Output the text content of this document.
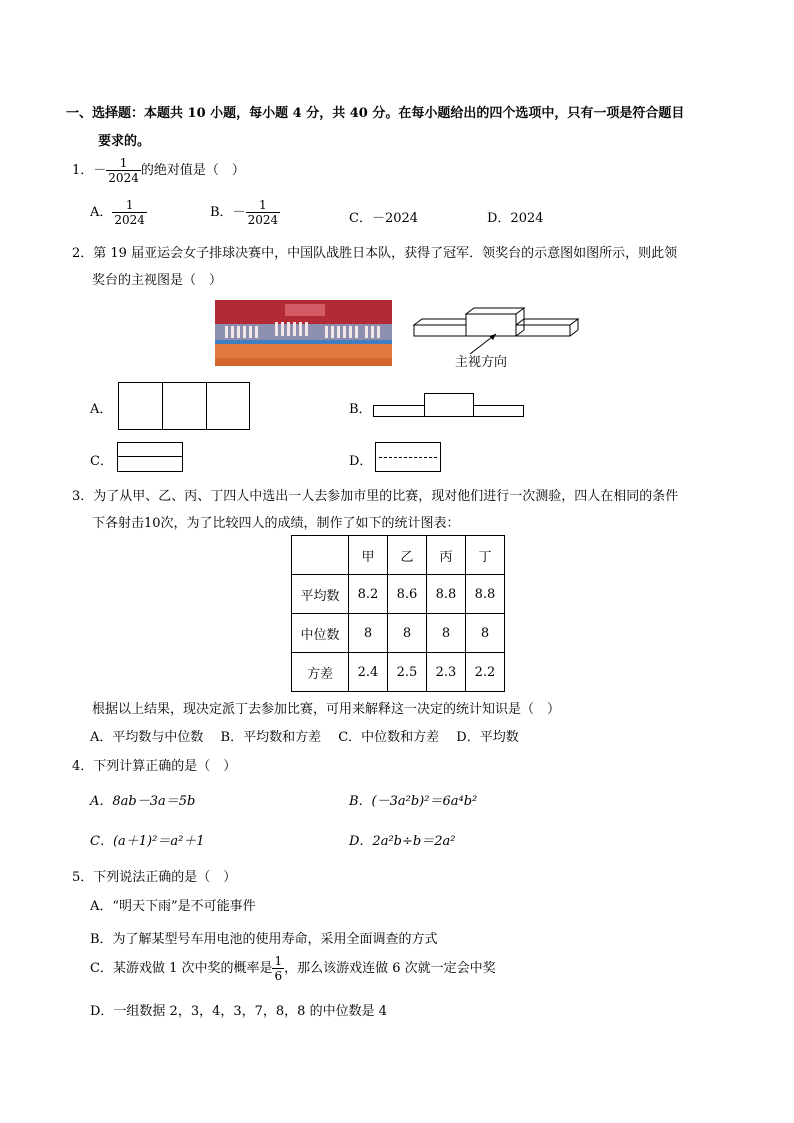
一、选择题：本题共 10 小题，每小题 4 分，共 40 分。在每小题给出的四个选项中，只有一项是符合题目
要求的。
1．－ $\frac{1}{2024}$ 的绝对值是（　）
A． $\frac{1}{2024}$	B．－ $\frac{1}{2024}$	C．－2024	D．2024
2．第 19 届亚运会女子排球决赛中，中国队战胜日本队，获得了冠军．领奖台的示意图如图所示，则此领
奖台的主视图是（　）
主视方向
A．	B．
C．	D．
3．为了从甲、乙、丙、丁四人中选出一人去参加市里的比赛，现对他们进行一次测验，四人在相同的条件
下各射击10次，为了比较四人的成绩，制作了如下的统计图表：
	甲	乙	丙	丁
平均数	8.2	8.6	8.8	8.8
中位数	8	8	8	8
方差	2.4	2.5	2.3	2.2
根据以上结果，现决定派丁去参加比赛，可用来解释这一决定的统计知识是（　）
A．平均数与中位数　 B．平均数和方差　 C．中位数和方差　 D．平均数
4．下列计算正确的是（　）
A．8ab－3a＝5b	B．(－3a²b)²＝6a⁴b²
C．(a＋1)²＝a²＋1	D．2a²b÷b＝2a²
5．下列说法正确的是（　）
A．“明天下雨”是不可能事件
B．为了解某型号车用电池的使用寿命，采用全面调查的方式
C．某游戏做 1 次中奖的概率是 $\frac{1}{6}$ ，那么该游戏连做 6 次就一定会中奖
D．一组数据 2，3，4，3，7，8，8 的中位数是 4
